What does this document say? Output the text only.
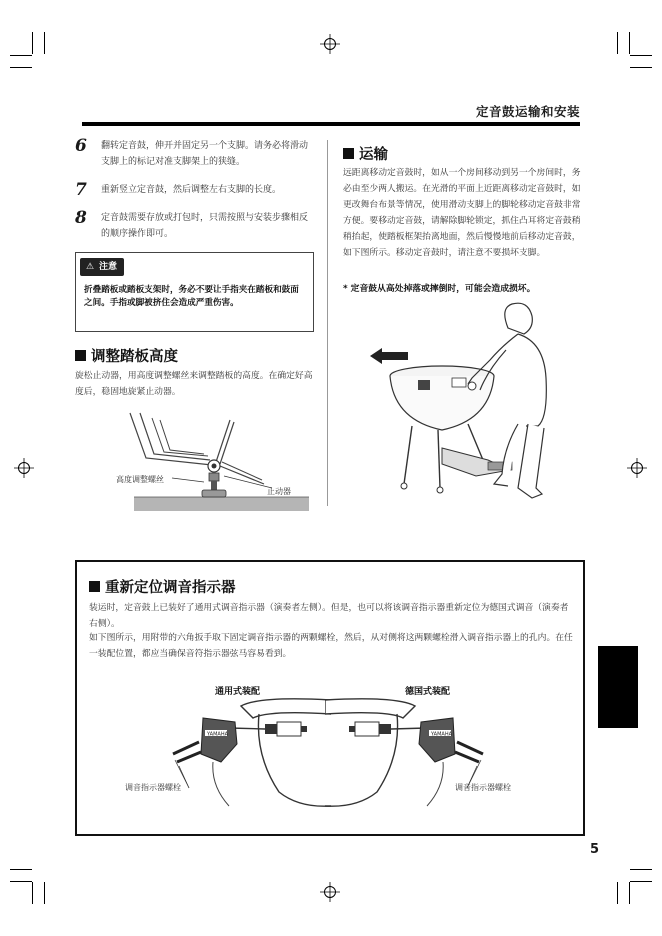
定音鼓运输和安装
6 翻转定音鼓，伸开并固定另一个支脚。请务必将滑动支脚上的标记对准支脚架上的狭缝。
7 重新竖立定音鼓，然后调整左右支脚的长度。
8 定音鼓需要存放或打包时，只需按照与安装步骤相反的顺序操作即可。
⚠ 注意
折叠踏板或踏板支架时，务必不要让手指夹在踏板和鼓面之间。手指或脚被挤住会造成严重伤害。
调整踏板高度
旋松止动器，用高度调整螺丝来调整踏板的高度。在确定好高度后，稳固地旋紧止动器。
高度调整螺丝
止动器
运输
远距离移动定音鼓时，如从一个房间移动到另一个房间时，务必由至少两人搬运。在光滑的平面上近距离移动定音鼓时，如更改舞台布景等情况，使用滑动支脚上的脚轮移动定音鼓非常方便。要移动定音鼓，请解除脚轮锁定，抓住凸耳将定音鼓稍稍抬起，使踏板框架抬离地面，然后慢慢地前后移动定音鼓，如下图所示。移动定音鼓时，请注意不要损坏支脚。
* 定音鼓从高处掉落或摔倒时，可能会造成损坏。
重新定位调音指示器
装运时，定音鼓上已装好了通用式调音指示器（演奏者左侧）。但是，也可以将该调音指示器重新定位为德国式调音（演奏者右侧）。
如下图所示，用附带的六角扳手取下固定调音指示器的两颗螺栓，然后，从对侧将这两颗螺栓滑入调音指示器上的孔内。在任一装配位置，都应当确保音符指示器弦马容易看到。
通用式装配	德国式装配
YAMAHA	YAMAHA
调音指示器螺栓	调音指示器螺栓
5
